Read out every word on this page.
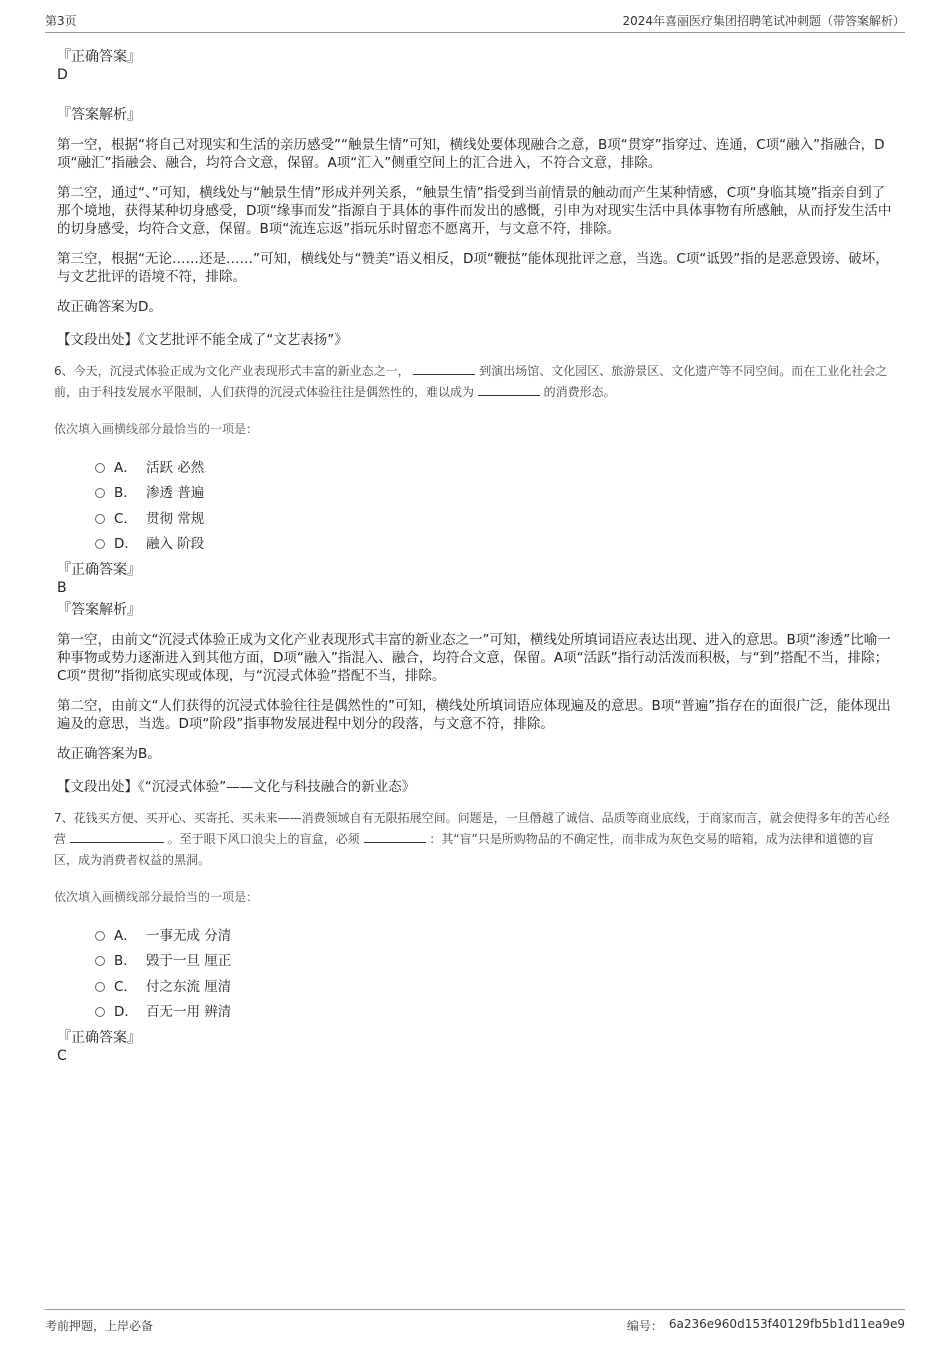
第3页	2024年喜丽医疗集团招聘笔试冲刺题（带答案解析）
『正确答案』
D
『答案解析』

第一空，根据“将自己对现实和生活的亲历感受”“触景生情”可知，横线处要体现融合之意，B项“贯穿”指穿过、连通，C项“融入”指融合，D项“融汇”指融会、融合，均符合文意，保留。A项“汇入”侧重空间上的汇合进入，不符合文意，排除。

第二空，通过“、”可知，横线处与“触景生情”形成并列关系，“触景生情”指受到当前情景的触动而产生某种情感，C项“身临其境”指亲自到了那个境地，获得某种切身感受，D项“缘事而发”指源自于具体的事件而发出的感慨，引申为对现实生活中具体事物有所感触，从而抒发生活中的切身感受，均符合文意，保留。B项“流连忘返”指玩乐时留恋不愿离开，与文意不符，排除。

第三空，根据“无论……还是……”可知，横线处与“赞美”语义相反，D项“鞭挞”能体现批评之意，当选。C项“诋毁”指的是恶意毁谤、破坏，与文艺批评的语境不符，排除。

故正确答案为D。

【文段出处】《文艺批评不能全成了“文艺表扬”》
6、今天，沉浸式体验正成为文化产业表现形式丰富的新业态之一，	到演出场馆、文化园区、旅游景区、文化遗产等不同空间。而在工业化社会之前，由于科技发展水平限制，人们获得的沉浸式体验往往是偶然性的，难以成为	的消费形态。
依次填入画横线部分最恰当的一项是：
A． 活跃 必然
B． 渗透 普遍
C． 贯彻 常规
D． 融入 阶段
『正确答案』
B
『答案解析』

第一空，由前文“沉浸式体验正成为文化产业表现形式丰富的新业态之一”可知，横线处所填词语应表达出现、进入的意思。B项“渗透”比喻一种事物或势力逐渐进入到其他方面，D项“融入”指混入、融合，均符合文意，保留。A项“活跃”指行动活泼而积极，与“到”搭配不当，排除；C项“贯彻”指彻底实现或体现，与“沉浸式体验”搭配不当，排除。

第二空，由前文“人们获得的沉浸式体验往往是偶然性的”可知，横线处所填词语应体现遍及的意思。B项“普遍”指存在的面很广泛，能体现出遍及的意思，当选。D项“阶段”指事物发展进程中划分的段落，与文意不符，排除。

故正确答案为B。

【文段出处】《“沉浸式体验”——文化与科技融合的新业态》
7、花钱买方便、买开心、买寄托、买未来——消费领域自有无限拓展空间。问题是，一旦僭越了诚信、品质等商业底线，于商家而言，就会使得多年的苦心经营	。至于眼下风口浪尖上的盲盒，必须	：其“盲”只是所购物品的不确定性，而非成为灰色交易的暗箱，成为法律和道德的盲区，成为消费者权益的黑洞。
依次填入画横线部分最恰当的一项是：
A． 一事无成 分清
B． 毁于一旦 厘正
C． 付之东流 厘清
D． 百无一用 辨清
『正确答案』
C
考前押题，上岸必备	编号： 6a236e960d153f40129fb5b1d11ea9e9
